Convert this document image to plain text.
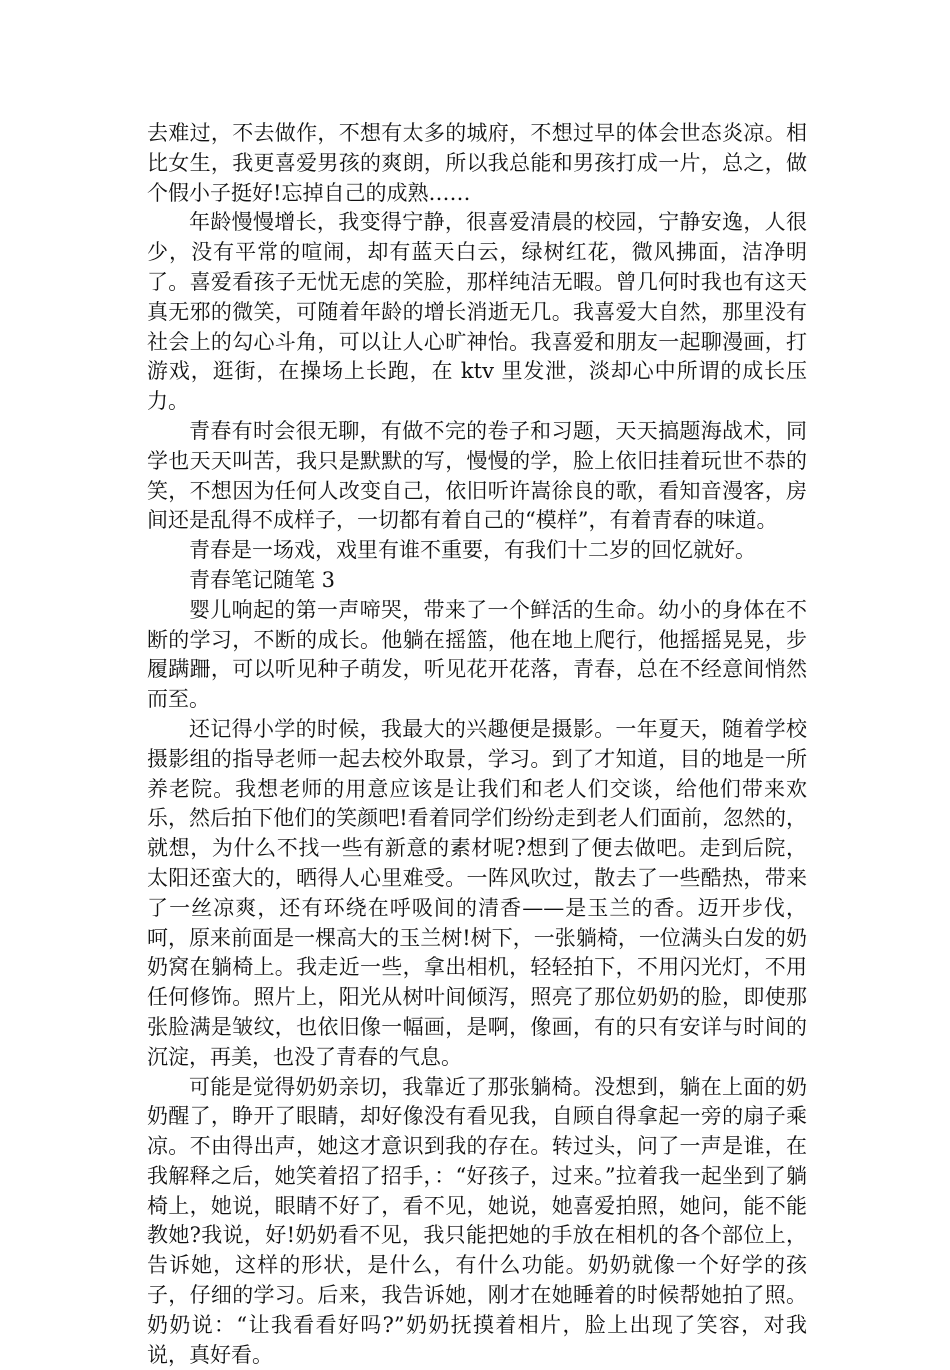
去难过，不去做作，不想有太多的城府，不想过早的体会世态炎凉。相比女生，我更喜爱男孩的爽朗，所以我总能和男孩打成一片，总之，做个假小子挺好!忘掉自己的成熟……

年龄慢慢增长，我变得宁静，很喜爱清晨的校园，宁静安逸，人很少，没有平常的喧闹，却有蓝天白云，绿树红花，微风拂面，洁净明了。喜爱看孩子无忧无虑的笑脸，那样纯洁无暇。曾几何时我也有这天真无邪的微笑，可随着年龄的增长消逝无几。我喜爱大自然，那里没有社会上的勾心斗角，可以让人心旷神怡。我喜爱和朋友一起聊漫画，打游戏，逛街，在操场上长跑，在 ktv 里发泄，淡却心中所谓的成长压力。

青春有时会很无聊，有做不完的卷子和习题，天天搞题海战术，同学也天天叫苦，我只是默默的写，慢慢的学，脸上依旧挂着玩世不恭的笑，不想因为任何人改变自己，依旧听许嵩徐良的歌，看知音漫客，房间还是乱得不成样子，一切都有着自己的“模样”，有着青春的味道。

青春是一场戏，戏里有谁不重要，有我们十二岁的回忆就好。

青春笔记随笔 3

婴儿响起的第一声啼哭，带来了一个鲜活的生命。幼小的身体在不断的学习，不断的成长。他躺在摇篮，他在地上爬行，他摇摇晃晃，步履蹒跚，可以听见种子萌发，听见花开花落，青春，总在不经意间悄然而至。

还记得小学的时候，我最大的兴趣便是摄影。一年夏天，随着学校摄影组的指导老师一起去校外取景，学习。到了才知道，目的地是一所养老院。我想老师的用意应该是让我们和老人们交谈，给他们带来欢乐，然后拍下他们的笑颜吧!看着同学们纷纷走到老人们面前，忽然的，就想，为什么不找一些有新意的素材呢?想到了便去做吧。走到后院，太阳还蛮大的，晒得人心里难受。一阵风吹过，散去了一些酷热，带来了一丝凉爽，还有环绕在呼吸间的清香——是玉兰的香。迈开步伐，呵，原来前面是一棵高大的玉兰树!树下，一张躺椅，一位满头白发的奶奶窝在躺椅上。我走近一些，拿出相机，轻轻拍下，不用闪光灯，不用任何修饰。照片上，阳光从树叶间倾泻，照亮了那位奶奶的脸，即使那张脸满是皱纹，也依旧像一幅画，是啊，像画，有的只有安详与时间的沉淀，再美，也没了青春的气息。

可能是觉得奶奶亲切，我靠近了那张躺椅。没想到，躺在上面的奶奶醒了，睁开了眼睛，却好像没有看见我，自顾自得拿起一旁的扇子乘凉。不由得出声，她这才意识到我的存在。转过头，问了一声是谁，在我解释之后，她笑着招了招手，：“好孩子，过来。”拉着我一起坐到了躺椅上，她说，眼睛不好了，看不见，她说，她喜爱拍照，她问，能不能教她?我说，好!奶奶看不见，我只能把她的手放在相机的各个部位上，告诉她，这样的形状，是什么，有什么功能。奶奶就像一个好学的孩子，仔细的学习。后来，我告诉她，刚才在她睡着的时候帮她拍了照。奶奶说：“让我看看好吗?”奶奶抚摸着相片，脸上出现了笑容，对我说，真好看。
